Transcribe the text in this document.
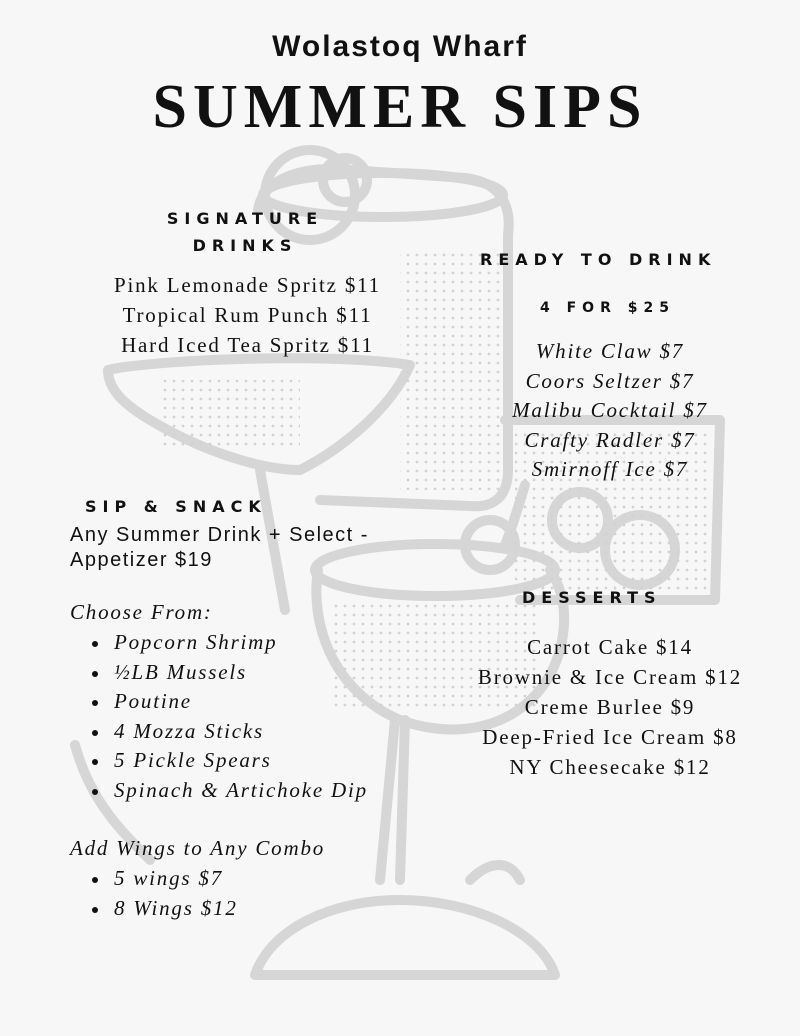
Wolastoq Wharf
SUMMER SIPS
SIGNATURE
DRINKS
Pink Lemonade Spritz $11
Tropical Rum Punch $11
Hard Iced Tea Spritz $11
READY TO DRINK
4 FOR $25
White Claw $7
Coors Seltzer $7
Malibu Cocktail $7
Crafty Radler $7
Smirnoff Ice $7
SIP & SNACK
Any Summer Drink + Select -
Appetizer $19
Choose From:
Popcorn Shrimp
½LB Mussels
Poutine
4 Mozza Sticks
5 Pickle Spears
Spinach & Artichoke Dip
Add Wings to Any Combo
5 wings $7
8 Wings $12
DESSERTS
Carrot Cake $14
Brownie & Ice Cream $12
Creme Burlee $9
Deep-Fried Ice Cream $8
NY Cheesecake $12
